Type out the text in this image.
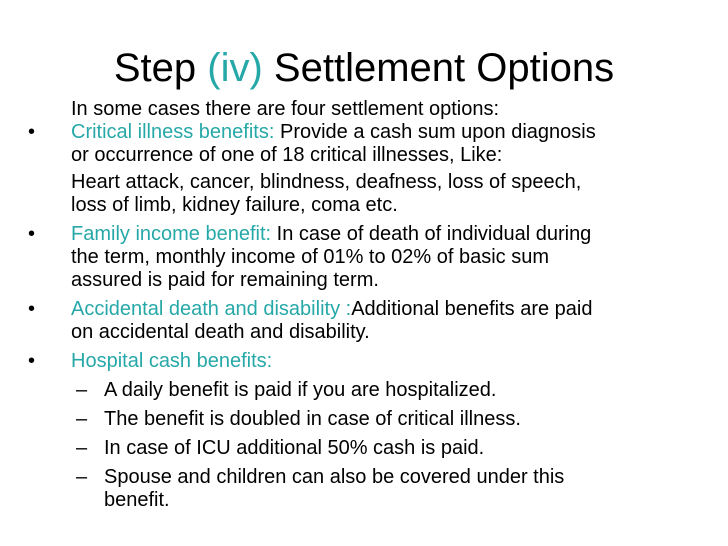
Step (iv) Settlement Options

In some cases there are four settlement options:

• Critical illness benefits: Provide a cash sum upon diagnosis

or occurrence of one of 18 critical illnesses, Like:

Heart attack, cancer, blindness, deafness, loss of speech,

loss of limb, kidney failure, coma etc.

• Family income benefit: In case of death of individual during

the term, monthly income of 01% to 02% of basic sum

assured is paid for remaining term.

• Accidental death and disability :Additional benefits are paid

on accidental death and disability.

• Hospital cash benefits:

– A daily benefit is paid if you are hospitalized.

– The benefit is doubled in case of critical illness.

– In case of ICU additional 50% cash is paid.

– Spouse and children can also be covered under this

benefit.
